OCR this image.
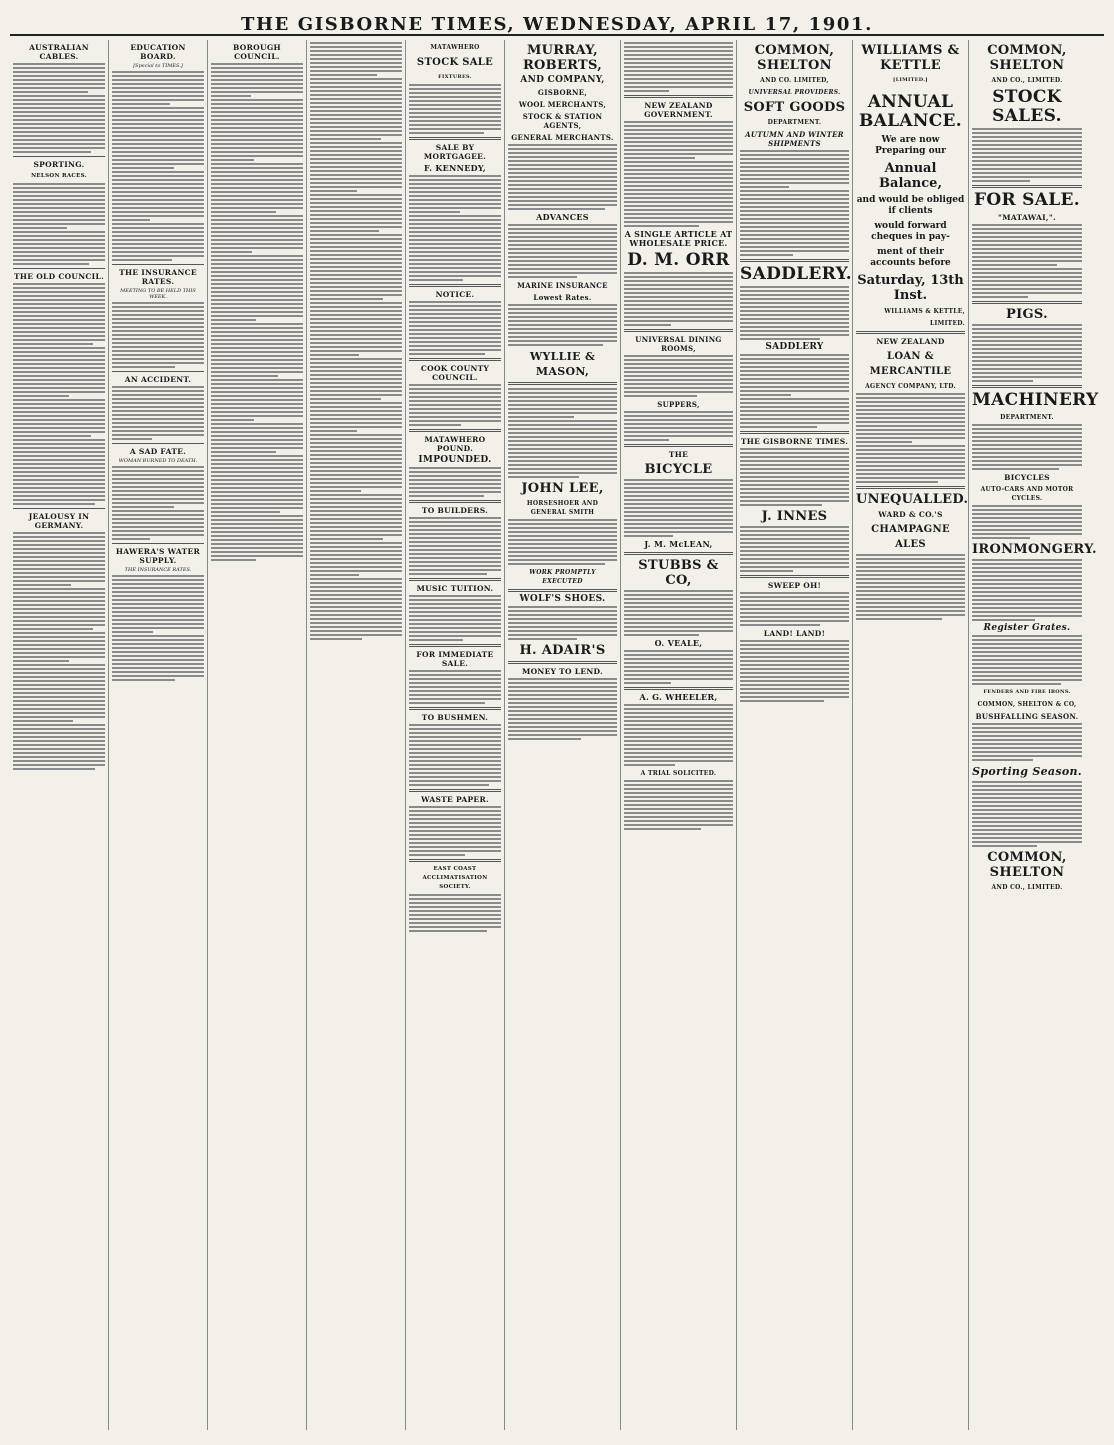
THE GISBORNE TIMES, WEDNESDAY, APRIL 17, 1901.
AUSTRALIAN CABLES.
SPORTING.
NELSON RACES.
THE OLD COUNCIL.
JEALOUSY IN GERMANY.
EDUCATION BOARD.
[Special to TIMES.]
THE INSURANCE RATES.
MEETING TO BE HELD THIS WEEK.
AN ACCIDENT.
A SAD FATE.
WOMAN BURNED TO DEATH.
HAWERA'S WATER SUPPLY.
THE INSURANCE RATES.
BOROUGH COUNCIL.
MATAWHERO
STOCK SALE
FIXTURES.
SALE BY MORTGAGEE.
F. KENNEDY,
NOTICE.
COOK COUNTY COUNCIL.
MATAWHERO POUND.
IMPOUNDED.
TO BUILDERS.
MUSIC TUITION.
FOR IMMEDIATE SALE.
TO BUSHMEN.
WASTE PAPER.
EAST COAST ACCLIMATISATION SOCIETY.
MURRAY, ROBERTS,
AND COMPANY,
GISBORNE,
WOOL MERCHANTS,
STOCK & STATION AGENTS,
GENERAL MERCHANTS.
ADVANCES
MARINE INSURANCE
Lowest Rates.
WYLLIE & MASON,
JOHN LEE,
HORSESHOER AND GENERAL SMITH
WORK PROMPTLY EXECUTED
WOLF'S SHOES.
H. ADAIR'S
MONEY TO LEND.
NEW ZEALAND GOVERNMENT.
A SINGLE ARTICLE AT WHOLESALE PRICE.
D. M. ORR
UNIVERSAL DINING ROOMS,
SUPPERS,
THE
BICYCLE
J. M. McLEAN,
STUBBS & CO,
O. VEALE,
A. G. WHEELER,
A TRIAL SOLICITED.
COMMON, SHELTON
AND CO. LIMITED,
UNIVERSAL PROVIDERS.
SOFT GOODS
DEPARTMENT.
AUTUMN AND WINTER SHIPMENTS
SADDLERY.
SADDLERY
THE GISBORNE TIMES.
J. INNES
SWEEP OH!
LAND! LAND!
WILLIAMS & KETTLE
[LIMITED.]
ANNUAL BALANCE.
We are now Preparing our
Annual Balance,
and would be obliged if clients
would forward cheques in pay-
ment of their accounts before
Saturday, 13th Inst.
WILLIAMS & KETTLE,
LIMITED.
NEW ZEALAND
LOAN & MERCANTILE
AGENCY COMPANY, LTD.
UNEQUALLED.
WARD & CO.'S
CHAMPAGNE ALES
COMMON, SHELTON
AND CO., LIMITED.
STOCK SALES.
FOR SALE.
"MATAWAI,".
PIGS.
MACHINERY
DEPARTMENT.
BICYCLES
AUTO-CARS AND MOTOR CYCLES.
IRONMONGERY.
Register Grates.
FENDERS AND FIRE IRONS.
COMMON, SHELTON & CO,
BUSHFALLING SEASON.
Sporting Season.
COMMON, SHELTON
AND CO., LIMITED.
